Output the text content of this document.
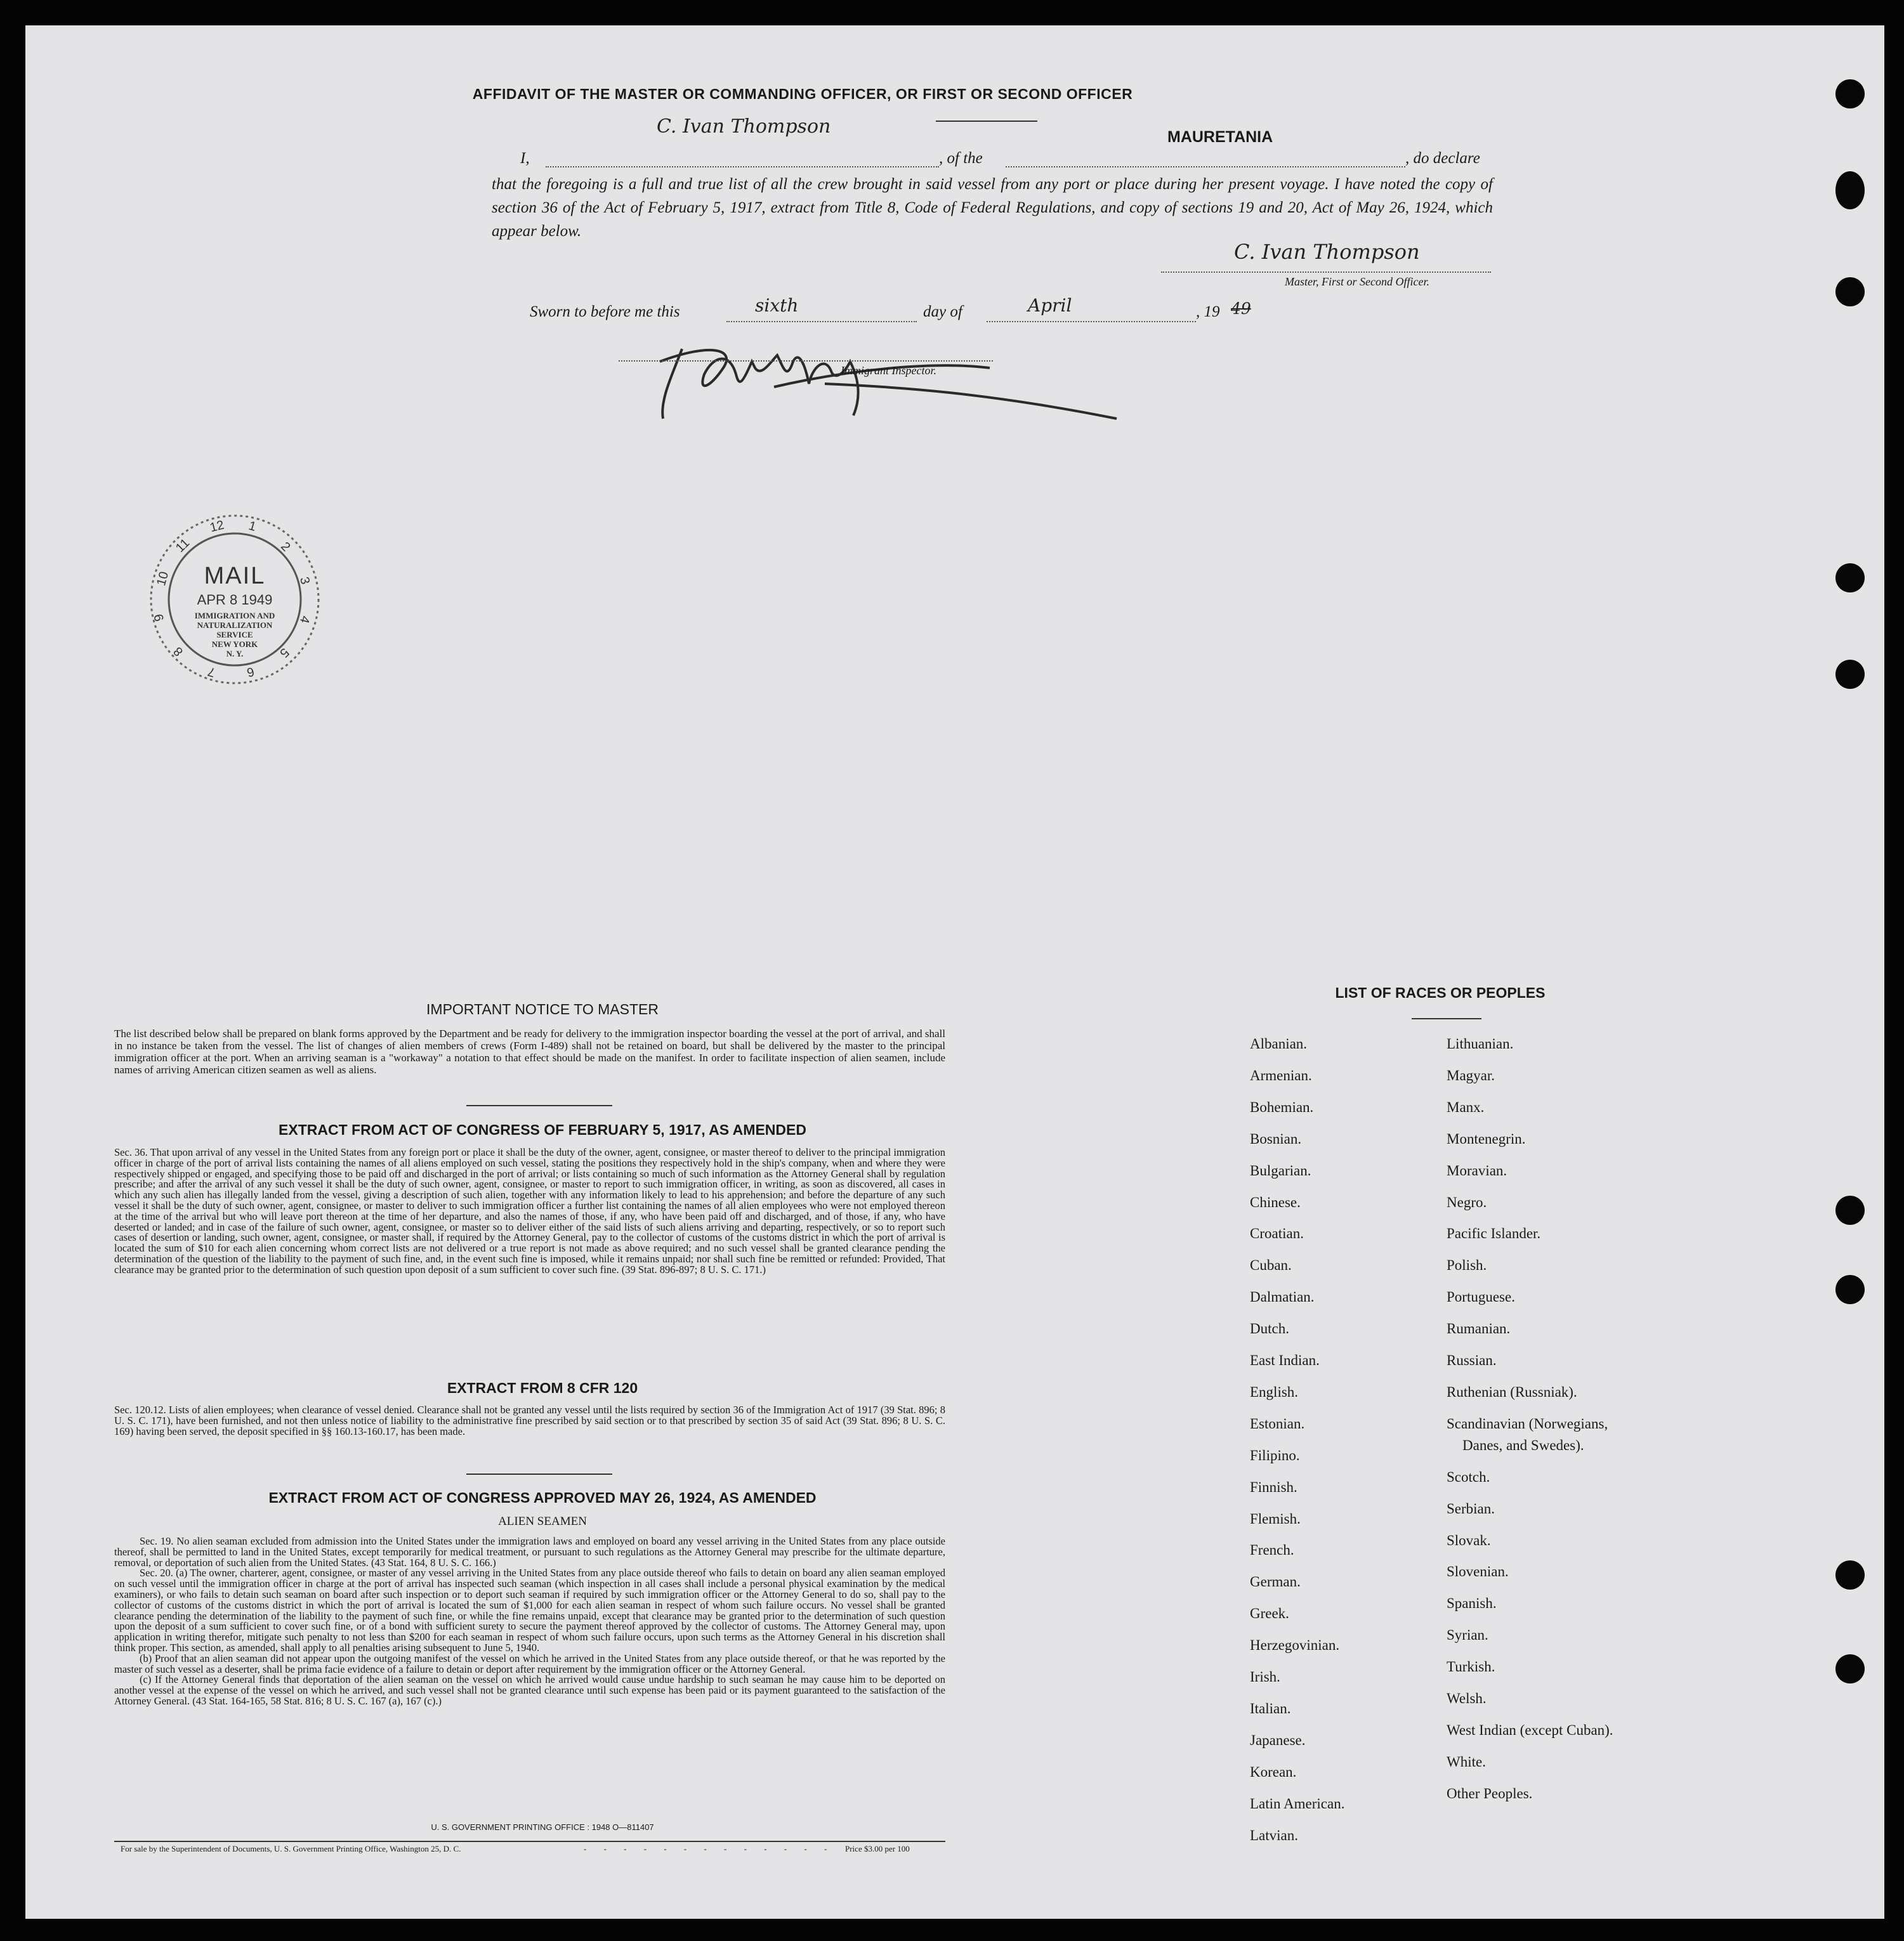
AFFIDAVIT OF THE MASTER OR COMMANDING OFFICER, OR FIRST OR SECOND OFFICER
C. Ivan Thompson	MAURETANIA
I,	, of the	, do declare
that the foregoing is a full and true list of all the crew brought in said vessel from any port or place during her present voyage. I have noted the copy of section 36 of the Act of February 5, 1917, extract from Title 8, Code of Federal Regulations, and copy of sections 19 and 20, Act of May 26, 1924, which appear below.
C. Ivan Thompson
Master, First or Second Officer.
Sworn to before me this	sixth	day of	April	, 19 49
Immigrant Inspector.
12 1
2
3
4
5
6
7
8
9
10
11
MAIL
APR 8 1949
IMMIGRATION AND
NATURALIZATION
SERVICE
NEW YORK
N. Y.
IMPORTANT NOTICE TO MASTER
The list described below shall be prepared on blank forms approved by the Department and be ready for delivery to the immigration inspector boarding the vessel at the port of arrival, and shall in no instance be taken from the vessel. The list of changes of alien members of crews (Form I-489) shall not be retained on board, but shall be delivered by the master to the principal immigration officer at the port. When an arriving seaman is a "workaway" a notation to that effect should be made on the manifest. In order to facilitate inspection of alien seamen, include names of arriving American citizen seamen as well as aliens.
EXTRACT FROM ACT OF CONGRESS OF FEBRUARY 5, 1917, AS AMENDED
Sec. 36. That upon arrival of any vessel in the United States from any foreign port or place it shall be the duty of the owner, agent, consignee, or master thereof to deliver to the principal immigration officer in charge of the port of arrival lists containing the names of all aliens employed on such vessel, stating the positions they respectively hold in the ship's company, when and where they were respectively shipped or engaged, and specifying those to be paid off and discharged in the port of arrival; or lists containing so much of such information as the Attorney General shall by regulation prescribe; and after the arrival of any such vessel it shall be the duty of such owner, agent, consignee, or master to report to such immigration officer, in writing, as soon as discovered, all cases in which any such alien has illegally landed from the vessel, giving a description of such alien, together with any information likely to lead to his apprehension; and before the departure of any such vessel it shall be the duty of such owner, agent, consignee, or master to deliver to such immigration officer a further list containing the names of all alien employees who were not employed thereon at the time of the arrival but who will leave port thereon at the time of her departure, and also the names of those, if any, who have been paid off and discharged, and of those, if any, who have deserted or landed; and in case of the failure of such owner, agent, consignee, or master so to deliver either of the said lists of such aliens arriving and departing, respectively, or so to report such cases of desertion or landing, such owner, agent, consignee, or master shall, if required by the Attorney General, pay to the collector of customs of the customs district in which the port of arrival is located the sum of $10 for each alien concerning whom correct lists are not delivered or a true report is not made as above required; and no such vessel shall be granted clearance pending the determination of the question of the liability to the payment of such fine, and, in the event such fine is imposed, while it remains unpaid; nor shall such fine be remitted or refunded: Provided, That clearance may be granted prior to the determination of such question upon deposit of a sum sufficient to cover such fine. (39 Stat. 896-897; 8 U. S. C. 171.)
EXTRACT FROM 8 CFR 120
Sec. 120.12. Lists of alien employees; when clearance of vessel denied. Clearance shall not be granted any vessel until the lists required by section 36 of the Immigration Act of 1917 (39 Stat. 896; 8 U. S. C. 171), have been furnished, and not then unless notice of liability to the administrative fine prescribed by said section or to that prescribed by section 35 of said Act (39 Stat. 896; 8 U. S. C. 169) having been served, the deposit specified in §§ 160.13-160.17, has been made.
EXTRACT FROM ACT OF CONGRESS APPROVED MAY 26, 1924, AS AMENDED
ALIEN SEAMEN
Sec. 19. No alien seaman excluded from admission into the United States under the immigration laws and employed on board any vessel arriving in the United States from any place outside thereof, shall be permitted to land in the United States, except temporarily for medical treatment, or pursuant to such regulations as the Attorney General may prescribe for the ultimate departure, removal, or deportation of such alien from the United States. (43 Stat. 164, 8 U. S. C. 166.)
Sec. 20. (a) The owner, charterer, agent, consignee, or master of any vessel arriving in the United States from any place outside thereof who fails to detain on board any alien seaman employed on such vessel until the immigration officer in charge at the port of arrival has inspected such seaman (which inspection in all cases shall include a personal physical examination by the medical examiners), or who fails to detain such seaman on board after such inspection or to deport such seaman if required by such immigration officer or the Attorney General to do so, shall pay to the collector of customs of the customs district in which the port of arrival is located the sum of $1,000 for each alien seaman in respect of whom such failure occurs. No vessel shall be granted clearance pending the determination of the liability to the payment of such fine, or while the fine remains unpaid, except that clearance may be granted prior to the determination of such question upon the deposit of a sum sufficient to cover such fine, or of a bond with sufficient surety to secure the payment thereof approved by the collector of customs. The Attorney General may, upon application in writing therefor, mitigate such penalty to not less than $200 for each seaman in respect of whom such failure occurs, upon such terms as the Attorney General in his discretion shall think proper. This section, as amended, shall apply to all penalties arising subsequent to June 5, 1940.
(b) Proof that an alien seaman did not appear upon the outgoing manifest of the vessel on which he arrived in the United States from any place outside thereof, or that he was reported by the master of such vessel as a deserter, shall be prima facie evidence of a failure to detain or deport after requirement by the immigration officer or the Attorney General.
(c) If the Attorney General finds that deportation of the alien seaman on the vessel on which he arrived would cause undue hardship to such seaman he may cause him to be deported on another vessel at the expense of the vessel on which he arrived, and such vessel shall not be granted clearance until such expense has been paid or its payment guaranteed to the satisfaction of the Attorney General. (43 Stat. 164-165, 58 Stat. 816; 8 U. S. C. 167 (a), 167 (c).)
U. S. GOVERNMENT PRINTING OFFICE : 1948 O—811407
For sale by the Superintendent of Documents, U. S. Government Printing Office, Washington 25, D. C.	- - - - - - - - - - - - - Price $3.00 per 100
LIST OF RACES OR PEOPLES
Albanian.
Armenian.
Bohemian.
Bosnian.
Bulgarian.
Chinese.
Croatian.
Cuban.
Dalmatian.
Dutch.
East Indian.
English.
Estonian.
Filipino.
Finnish.
Flemish.
French.
German.
Greek.
Herzegovinian.
Irish.
Italian.
Japanese.
Korean.
Latin American.
Latvian.
Lithuanian.
Magyar.
Manx.
Montenegrin.
Moravian.
Negro.
Pacific Islander.
Polish.
Portuguese.
Rumanian.
Russian.
Ruthenian (Russniak).
Scandinavian (Norwegians,
Danes, and Swedes).
Scotch.
Serbian.
Slovak.
Slovenian.
Spanish.
Syrian.
Turkish.
Welsh.
West Indian (except Cuban).
White.
Other Peoples.
